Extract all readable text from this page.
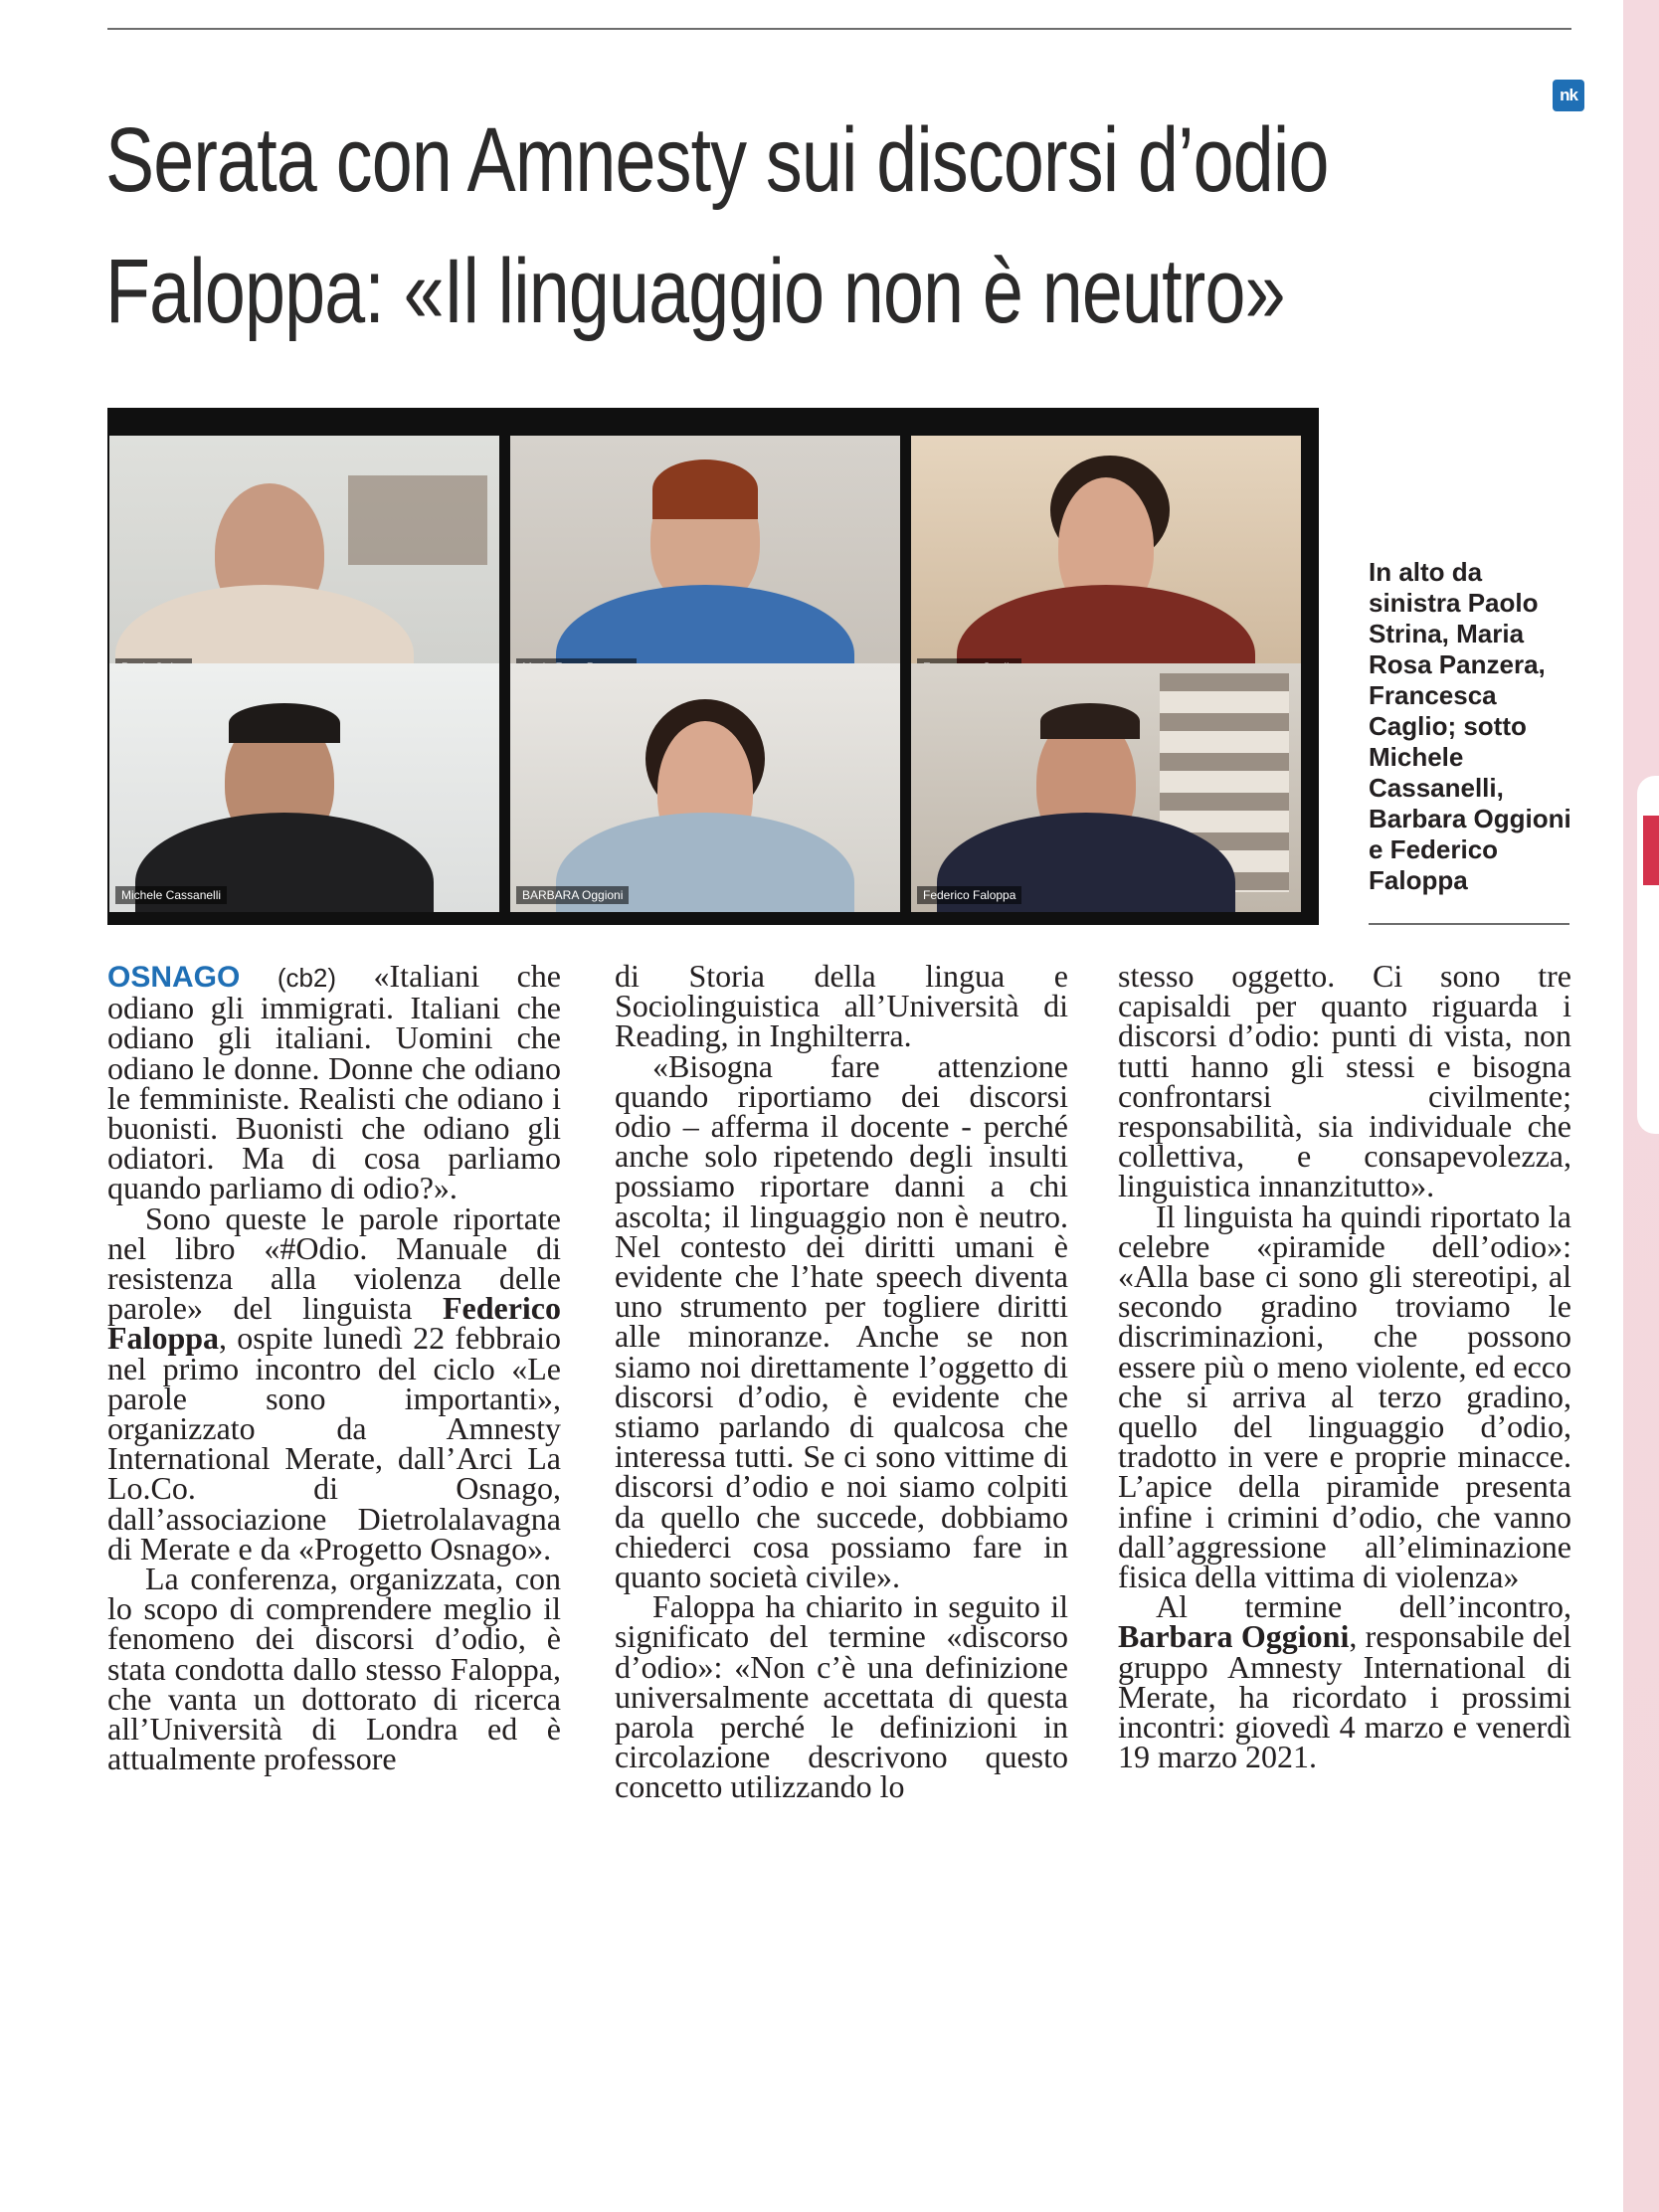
nk
Serata con Amnesty sui discorsi d’odio
Faloppa: «Il linguaggio non è neutro»
Michele Cassanelli	BARBARA Oggioni	Federico Faloppa

In alto da sinistra Paolo Strina, Maria Rosa Panzera, Francesca Caglio; sotto Michele Cassanelli, Barbara Oggioni e Federico Faloppa

OSNAGO (cb2) «Italiani che odiano gli immigrati. Italiani che odiano gli italiani. Uomini che odiano le donne. Donne che odiano le femministe. Realisti che odiano i buonisti. Buonisti che odiano gli odiatori. Ma di cosa parliamo quando parliamo di odio?».

Sono queste le parole riportate nel libro «#Odio. Manuale di resistenza alla violenza delle parole» del linguista Federico Faloppa, ospite lunedì 22 febbraio nel primo incontro del ciclo «Le parole sono importanti», organizzato da Amnesty International Merate, dall’Arci La Lo.Co. di Osnago, dall’associazione Dietrolalavagna di Merate e da «Progetto Osnago».

La conferenza, organizzata, con lo scopo di comprendere meglio il fenomeno dei discorsi d’odio, è stata condotta dallo stesso Faloppa, che vanta un dottorato di ricerca all’Università di Londra ed è attualmente professore

di Storia della lingua e Sociolinguistica all’Università di Reading, in Inghilterra.

«Bisogna fare attenzione quando riportiamo dei discorsi odio – afferma il docente - perché anche solo ripetendo degli insulti possiamo riportare danni a chi ascolta; il linguaggio non è neutro. Nel contesto dei diritti umani è evidente che l’hate speech diventa uno strumento per togliere diritti alle minoranze. Anche se non siamo noi direttamente l’oggetto di discorsi d’odio, è evidente che stiamo parlando di qualcosa che interessa tutti. Se ci sono vittime di discorsi d’odio e noi siamo colpiti da quello che succede, dobbiamo chiederci cosa possiamo fare in quanto società civile».

Faloppa ha chiarito in seguito il significato del termine «discorso d’odio»: «Non c’è una definizione universalmente accettata di questa parola perché le definizioni in circolazione descrivono questo concetto utilizzando lo

stesso oggetto. Ci sono tre capisaldi per quanto riguarda i discorsi d’odio: punti di vista, non tutti hanno gli stessi e bisogna confrontarsi civilmente; responsabilità, sia individuale che collettiva, e consapevolezza, linguistica innanzitutto».

Il linguista ha quindi riportato la celebre «piramide dell’odio»: «Alla base ci sono gli stereotipi, al secondo gradino troviamo le discriminazioni, che possono essere più o meno violente, ed ecco che si arriva al terzo gradino, quello del linguaggio d’odio, tradotto in vere e proprie minacce. L’apice della piramide presenta infine i crimini d’odio, che vanno dall’aggressione all’eliminazione fisica della vittima di violenza»

Al termine dell’incontro, Barbara Oggioni, responsabile del gruppo Amnesty International di Merate, ha ricordato i prossimi incontri: giovedì 4 marzo e venerdì 19 marzo 2021.
